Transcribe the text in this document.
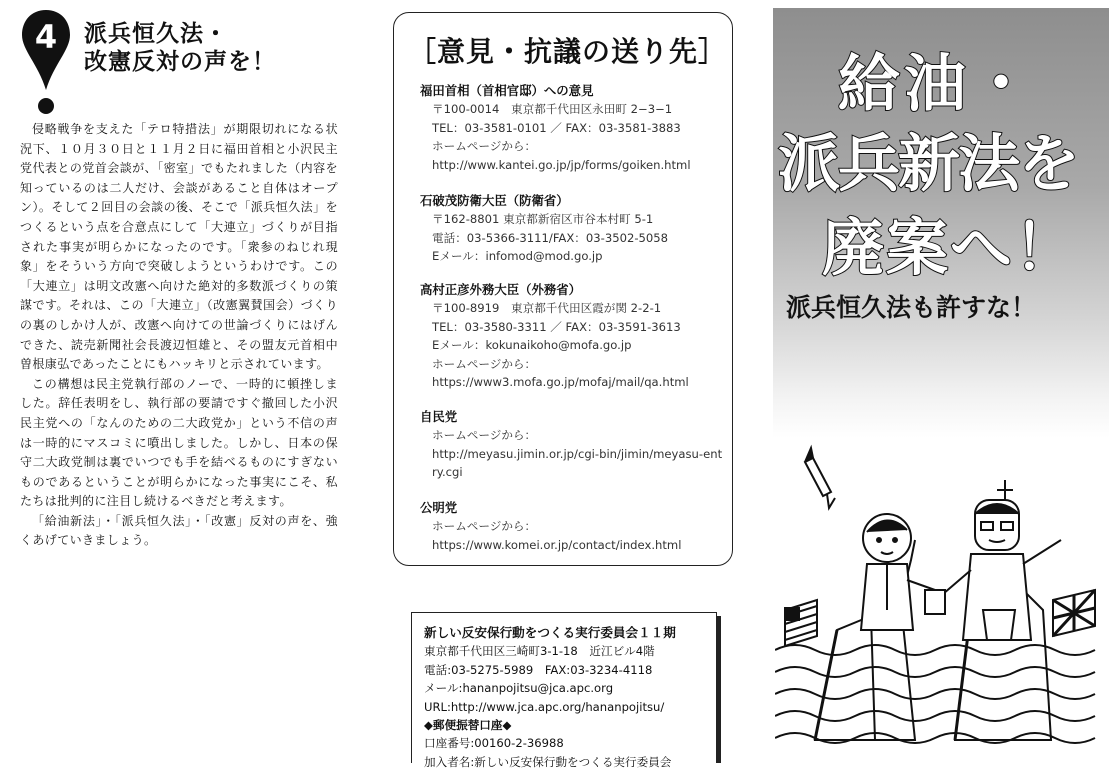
4 派兵恒久法・
改憲反対の声を！

侵略戦争を支えた「テロ特措法」が期限切れになる状況下、１０月３０日と１１月２日に福田首相と小沢民主党代表との党首会談が、「密室」でもたれました（内容を知っているのは二人だけ、会談があること自体はオープン）。そして２回目の会談の後、そこで「派兵恒久法」をつくるという点を合意点にして「大連立」づくりが目指された事実が明らかになったのです。「衆参のねじれ現象」をそういう方向で突破しようというわけです。この「大連立」は明文改憲へ向けた絶対的多数派づくりの策謀です。それは、この「大連立」（改憲翼賛国会）づくりの裏のしかけ人が、改憲へ向けての世論づくりにはげんできた、読売新聞社会長渡辺恒雄と、その盟友元首相中曽根康弘であったことにもハッキリと示されています。

この構想は民主党執行部のノーで、一時的に頓挫しました。辞任表明をし、執行部の要請ですぐ撤回した小沢民主党への「なんのための二大政党か」という不信の声は一時的にマスコミに噴出しました。しかし、日本の保守二大政党制は裏でいつでも手を結べるものにすぎないものであるということが明らかになった事実にこそ、私たちは批判的に注目し続けるべきだと考えます。

「給油新法」・「派兵恒久法」・「改憲」反対の声を、強くあげていきましょう。

［意見・抗議の送り先］
福田首相（首相官邸）への意見
〒100-0014　東京都千代田区永田町 2−3−1
TEL：03-3581-0101 ／ FAX：03-3581-3883
ホームページから：
http://www.kantei.go.jp/jp/forms/goiken.html
石破茂防衛大臣（防衛省）
〒162-8801 東京都新宿区市谷本村町 5-1
電話：03-5366-3111/FAX：03-3502-5058
Eメール：infomod@mod.go.jp
高村正彦外務大臣（外務省）
〒100-8919　東京都千代田区霞が関 2-2-1
TEL：03-3580-3311 ／ FAX：03-3591-3613
Eメール：kokunaikoho@mofa.go.jp
ホームページから：
https://www3.mofa.go.jp/mofaj/mail/qa.html
自民党
ホームページから：
http://meyasu.jimin.or.jp/cgi-bin/jimin/meyasu-entry.cgi
公明党
ホームページから：
https://www.komei.or.jp/contact/index.html
新しい反安保行動をつくる実行委員会１１期
東京都千代田区三崎町3-1-18　近江ビル4階
電話:03-5275-5989　FAX:03-3234-4118
メール:hananpojitsu@jca.apc.org
URL:http://www.jca.apc.org/hananpojitsu/
◆郵便振替口座◆
口座番号:00160-2-36988
加入者名:新しい反安保行動をつくる実行委員会
給油・
派兵新法を
廃案へ！
派兵恒久法も許すな！
